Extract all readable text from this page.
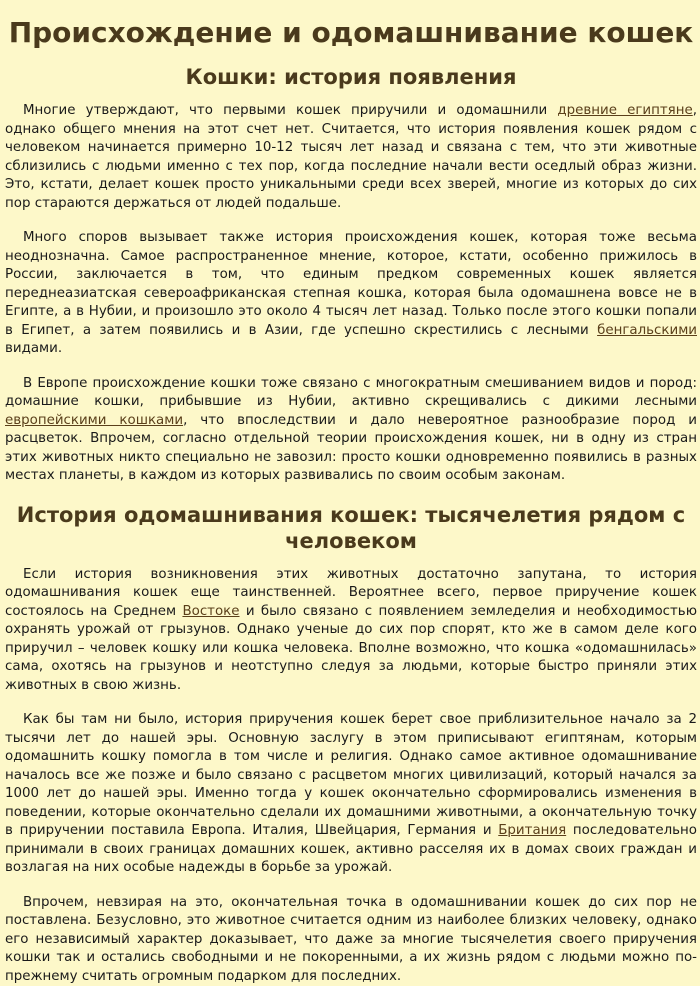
Происхождение и одомашнивание кошек
Кошки: история появления

Многие утверждают, что первыми кошек приручили и одомашнили древние египтяне, однако общего мнения на этот счет нет. Считается, что история появления кошек рядом с человеком начинается примерно 10-12 тысяч лет назад и связана с тем, что эти животные сблизились с людьми именно с тех пор, когда последние начали вести оседлый образ жизни. Это, кстати, делает кошек просто уникальными среди всех зверей, многие из которых до сих пор стараются держаться от людей подальше.

Много споров вызывает также история происхождения кошек, которая тоже весьма неоднозначна. Самое распространенное мнение, которое, кстати, особенно прижилось в России, заключается в том, что единым предком современных кошек является переднеазиатская североафриканская степная кошка, которая была одомашнена вовсе не в Египте, а в Нубии, и произошло это около 4 тысяч лет назад. Только после этого кошки попали в Египет, а затем появились и в Азии, где успешно скрестились с лесными бенгальскими видами.

В Европе происхождение кошки тоже связано с многократным смешиванием видов и пород: домашние кошки, прибывшие из Нубии, активно скрещивались с дикими лесными европейскими кошками, что впоследствии и дало невероятное разнообразие пород и расцветок. Впрочем, согласно отдельной теории происхождения кошек, ни в одну из стран этих животных никто специально не завозил: просто кошки одновременно появились в разных местах планеты, в каждом из которых развивались по своим особым законам.

История одомашнивания кошек: тысячелетия рядом с человеком

Если история возникновения этих животных достаточно запутана, то история одомашнивания кошек еще таинственней. Вероятнее всего, первое приручение кошек состоялось на Среднем Востоке и было связано с появлением земледелия и необходимостью охранять урожай от грызунов. Однако ученые до сих пор спорят, кто же в самом деле кого приручил – человек кошку или кошка человека. Вполне возможно, что кошка «одомашнилась» сама, охотясь на грызунов и неотступно следуя за людьми, которые быстро приняли этих животных в свою жизнь.

Как бы там ни было, история приручения кошек берет свое приблизительное начало за 2 тысячи лет до нашей эры. Основную заслугу в этом приписывают египтянам, которым одомашнить кошку помогла в том числе и религия. Однако самое активное одомашнивание началось все же позже и было связано с расцветом многих цивилизаций, который начался за 1000 лет до нашей эры. Именно тогда у кошек окончательно сформировались изменения в поведении, которые окончательно сделали их домашними животными, а окончательную точку в приручении поставила Европа. Италия, Швейцария, Германия и Британия последовательно принимали в своих границах домашних кошек, активно расселяя их в домах своих граждан и возлагая на них особые надежды в борьбе за урожай.

Впрочем, невзирая на это, окончательная точка в одомашнивании кошек до сих пор не поставлена. Безусловно, это животное считается одним из наиболее близких человеку, однако его независимый характер доказывает, что даже за многие тысячелетия своего приручения кошки так и остались свободными и не покоренными, а их жизнь рядом с людьми можно по-прежнему считать огромным подарком для последних.
